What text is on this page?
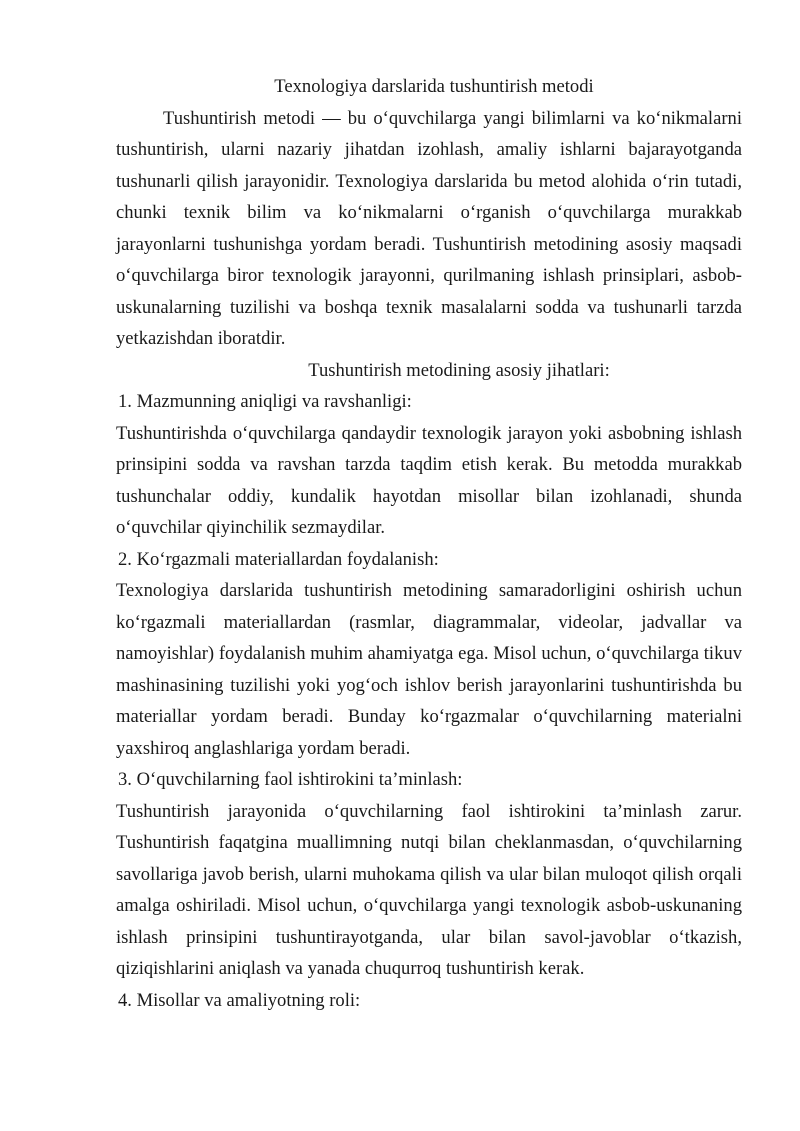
Texnologiya darslarida tushuntirish metodi

Tushuntirish metodi — bu o‘quvchilarga yangi bilimlarni va ko‘nikmalarni tushuntirish, ularni nazariy jihatdan izohlash, amaliy ishlarni bajarayotganda tushunarli qilish jarayonidir. Texnologiya darslarida bu metod alohida o‘rin tutadi, chunki texnik bilim va ko‘nikmalarni o‘rganish o‘quvchilarga murakkab jarayonlarni tushunishga yordam beradi. Tushuntirish metodining asosiy maqsadi o‘quvchilarga biror texnologik jarayonni, qurilmaning ishlash prinsiplari, asbob-uskunalarning tuzilishi va boshqa texnik masalalarni sodda va tushunarli tarzda yetkazishdan iboratdir.

Tushuntirish metodining asosiy jihatlari:
1. Mazmunning aniqligi va ravshanligi:

Tushuntirishda o‘quvchilarga qandaydir texnologik jarayon yoki asbobning ishlash prinsipini sodda va ravshan tarzda taqdim etish kerak. Bu metodda murakkab tushunchalar oddiy, kundalik hayotdan misollar bilan izohlanadi, shunda o‘quvchilar qiyinchilik sezmaydilar.

2. Ko‘rgazmali materiallardan foydalanish:

Texnologiya darslarida tushuntirish metodining samaradorligini oshirish uchun ko‘rgazmali materiallardan (rasmlar, diagrammalar, videolar, jadvallar va namoyishlar) foydalanish muhim ahamiyatga ega. Misol uchun, o‘quvchilarga tikuv mashinasining tuzilishi yoki yog‘och ishlov berish jarayonlarini tushuntirishda bu materiallar yordam beradi. Bunday ko‘rgazmalar o‘quvchilarning materialni yaxshiroq anglashlariga yordam beradi.

3. O‘quvchilarning faol ishtirokini ta’minlash:

Tushuntirish jarayonida o‘quvchilarning faol ishtirokini ta’minlash zarur. Tushuntirish faqatgina muallimning nutqi bilan cheklanmasdan, o‘quvchilarning savollariga javob berish, ularni muhokama qilish va ular bilan muloqot qilish orqali amalga oshiriladi. Misol uchun, o‘quvchilarga yangi texnologik asbob-uskunaning ishlash prinsipini tushuntirayotganda, ular bilan savol-javoblar o‘tkazish, qiziqishlarini aniqlash va yanada chuqurroq tushuntirish kerak.

4. Misollar va amaliyotning roli:
